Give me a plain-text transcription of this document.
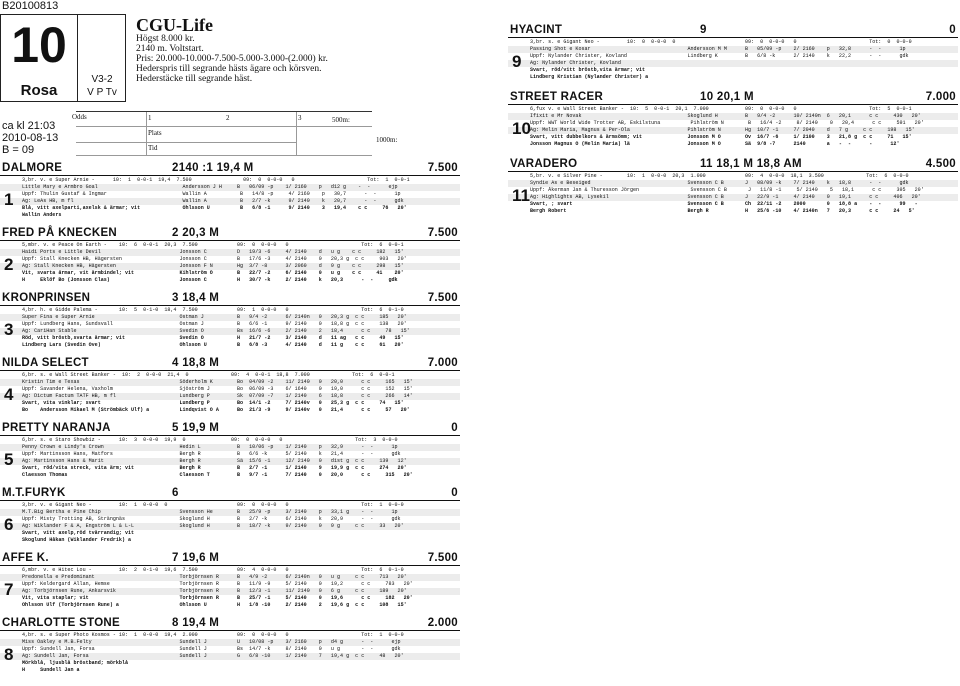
B20100813
10
Rosa
V3-2
V P Tv
CGU-Life
Högst 8.000 kr.
2140 m. Voltstart.
Pris: 20.000-10.000-7.500-5.000-3.000-(2.000) kr.
Hederspris till segrande hästs ägare och körsven.
Hederstäcke till segrande häst.
Odds	1	2	3
Plats
Tid
500m:
1000m:
ca kl 21:03
2010-08-13
B = 09
DALMORE	2140 :1 19,4 M	7.500
1
3,br. v. e Super Arnie -      10:  1  0-0-1  19,4  7.500                 09:  0  0-0-0   0                        Tot:  1  0-0-1
Little Mary e Armbro Goal                            Andersson J H     B   06/09 -p    1/ 2160    p   d12 g    -  -      ejp
Uppf: Thulin Gustaf & Ingmar                         Wallin A           B   14/8 -p     4/ 2160    p   30,7      -  -      1p
Äg: LeÄs HB, m fl                                    Wallin A           B   2/7 -k      9/ 2140    k   20,7      -  -      gdk
Blå, vitt axelparti,axelsk & ärmar; vit              Ohlsson U          B   6/8 -1      9/ 2140    3   19,4    c c     76   20'
Wallin Anders
FRED PÅ KNECKEN	2 20,3 M	7.500
2
5,mbr. v. e Peace On Earth -    10:  6  0-0-1  20,3  7.500             09:  0  0-0-0   0                        Tot:  6  0-0-1
Haidi Ports e Little Devil                          Jonsson C          D   19/3 -6     4/ 2140    d   u g    c c     182   15'
Uppf: Stall Knecken HB, Hägersten                   Jonsson C          B   17/6 -3     4/ 2140    0   20,3 g  c c     903   20'
Äg: Stall Knecken HB, Hägersten                     Jonsson F N        Hg  3/7 -8      3/ 2060    d   9 g    c c     298   15'
Vit, svarta ärmar, vit ärmbindel; vit               Kihlström Ö        B   22/7 -2     6/ 2140    0   u g    c c     41    20'
H     Eklöf Bo (Jonsson Clas)                       Jonsson C          H   30/7 -k     2/ 2140    k   20,3      -  -     gdk
KRONPRINSEN	3 18,4 M	7.500
3
4,br. h. e Gidde Palema -       10:  5  0-1-0  18,4  7.500             09:  1  0-0-0   0                        Tot:  6  0-1-0
Super Fina e Super Arnie                            Östman J           B   9/4 -2      6/ 2140n   0   20,3 g  c c     185   20'
Uppf: Lundberg Hans, Sundsvall                      Östman J           B   6/6 -1      9/ 2140    0   18,8 g  c c     138   20'
Äg: CariHan Stable                                  Svedin O           Bs  16/6 -6     2/ 2140    2   18,4      c c     78   15'
Röd, vitt bröstb,svarta ärmar; vit                  Svedin O           H   21/7 -2     3/ 2140    d   11 ag   c c     49   15'
Lindberg Lars (Svedin Ove)                          Ohlsson U          B   6/8 -3      4/ 2140    d   11 g    c c     61   20'
NILDA SELECT	4 18,8 M	7.000
4
6,br. s. e Wall Street Banker -  10:  2  0-0-0  21,4  0              09:  4  0-0-1  18,8  7.000              Tot:  6  0-0-1
Kristin Tim e Texas                                 Söderholm K        Bo  04/09 -2    11/ 2140   0   20,0      c c     165   15'
Uppf: Savander Helena, Vaxholm                      Sjöström J         Bo  06/09 -3    6/ 1640    0   19,0      c c     152   15'
Äg: Dictum Factum TATF HB, m fl                     Lundberg P         Sk  07/09 -7    1/ 2140    6   18,8      c c     266   14'
Svart, vita vinklar; svart                          Lundberg P         Bo  14/1 -2     7/ 2140v   0   25,3 g  c c     74   15'
Bo    Andersson Mikael M (Strömbäck Ulf) a          Lindqvist O A      Bo  21/3 -9     9/ 2140v   0   21,4      c c     57   20'
PRETTY NARANJA	5 19,9 M	0
5
6,br. s. e Staro Showbiz -      10:  3  0-0-0  19,9  0               09:  0  0-0-0   0                        Tot:  3  0-0-0
Penny Crown e Lindy's Crown                         Hedin L            B   10/06 -p    1/ 2140    p   32,9      -  -      1p
Uppf: Martinsson Hans, Matfors                      Bergh R            B   6/6 -k      5/ 2140    k   21,4      -  -      gdk
Äg: Martinsson Hans & Marit                         Bergh R            Sä  15/6 -1     12/ 2140   0   dist g  c c     139   12'
Svart, röd/vita streck, vita ärm; vit               Bergh R            B   2/7 -1      1/ 2140    9   19,9 g  c c     274   20'
Claesson Thomas                                     Claesson T         B   9/7 -1      7/ 2140    0   20,0      c c     315   20'
M.T.FURYK	6	0
6
3,br. v. e Gigant Neo -         10:  1  0-0-0  0                       09:  0  0-0-0   0                        Tot:  1  0-0-0
M.T.Big Bertha e Pine Chip                          Svensson He        B   25/9 -p     3/ 2140    p   33,1 g    -  -      1p
Uppf: Misty Trotting AB, Strängnäs                  Skoglund H         B   2/7 -k      6/ 2140    k   20,9      -  -      gdk
Äg: Wiklander F & A, Engström L & L-L               Skoglund H         B   18/7 -k     9/ 2140    0   9 g     c c     33   20'
Svart, vitt axelp,röd tvärrandig; vit
Skoglund Håkan (Wiklander Fredrik) a
AFFE K.	7 19,6 M	7.500
7
6,mbr. v. e Hitec Lou -         10:  2  0-1-0  19,6  7.500             09:  4  0-0-0   0                        Tot:  6  0-1-0
Predonella e Predominant                            Torbjörnsen R      B   4/9 -2      6/ 2140n   0   u g     c c     713   20'
Uppf: Keldergard Allan, Hemse                       Torbjörnsen R      B   11/9 -9     5/ 2140    0   19,2      c c     783   20'
Äg: Torbjörnsen Rune, Ankarsvik                     Torbjörnsen R      B   12/3 -1     11/ 2140   0   6 g     c c     189   20'
Vit, vita staplar; vit                              Torbjörnsen R      B   25/7 -1     5/ 2140    0   19,6      c c     182   20'
Ohlsson Ulf (Torbjörnsen Rune) a                    Ohlsson U          H   1/8 -10     2/ 2140    2   19,6 g  c c     108   15'
CHARLOTTE STONE	8 19,4 M	2.000
8
4,br. s. e Super Photo Kosmos - 10:  1  0-0-0  19,4  2.000             09:  0  0-0-0   0                        Tot:  1  0-0-0
Miss Oakley e M.B.Felty                             Sundell J          U   10/08 -p    3/ 2160    p   d4 g      -  -      ejp
Uppf: Sundell Jan, Forsa                            Sundell J          Bs  14/7 -k     8/ 2140    0   u g       -  -      gdk
Äg: Sundell Jan, Forsa                              Sundell J          G   6/8 -10     1/ 2140    7   19,4 g  c c     48   20'
Mörkblå, ljusblå bröstband; mörkblå
H     Sundell Jan a
HYACINT	9	0
9
3,br. s. e Gigant Neo -         10:  0  0-0-0  0                       09:  0  0-0-0   0                        Tot:  0  0-0-0
Passing Shot e Kosar                                Andersson M M      B   05/09 -p    2/ 2160    p   32,8      -  -      1p
Uppf: Nylander Christer, Kovland                    Lindberg K         B   6/8 -k      2/ 2140    k   22,2      -  -      gdk
Äg: Nylander Christer, Kovland
Svart, röd/vitt bröstb,vita ärmar; vit
Lindberg Kristian (Nylander Christer) a
STREET RACER	10 20,1 M	7.000
10
6,fux v. e Wall Street Banker -  10:  5  0-0-1  20,1  7.000            09:  0  0-0-0   0                        Tot:  5  0-0-1
Ifixit e Mr Novak                                   Skoglund H         B   9/4 -2      10/ 2140n  6   20,1      c c     430   20'
Uppf: WWT World Wide Trotter AB, Eskilstuna          Pihlström N        B   16/4 -2     8/ 2140    0   20,4      c c     591   20'
Äg: Melin Maria, Magnus & Per-Ola                   Pihlström N        Hg  10/7 -1     7/ 2040    d   7 g     c c     198   15'
Svart, vitt dubbelkors & ärmsömm; vit               Jonsson M O        Ov  16/7 -6     1/ 2100    3   21,8 g  c c     71   15'
Jonsson Magnus O (Melin Maria) lä                   Jonsson M O        Sä  9/8 -7      2140       a   -  -      -      12'
VARADERO	11 18,1 M 18,8 AM	4.500
11
5,br. v. e Silver Pine -        10:  1  0-0-0  20,3  1.000             09:  4  0-0-0  18,1  3.500              Tot:  6  0-0-0
Syndie Äs e Beseiged                                Svensson C B       J   08/09 -k    7/ 2140    k   18,8      -  -      gdk
Uppf: Åkerman Jan & Thuresson Jörgen                 Svensson C B       J   11/8 -1     5/ 2140    5   18,1      c c     395   20'
Äg: Highlights AB, Lysekil                          Svensson C B       J   22/9 -1     4/ 2140    0   19,1      c c     406   20'
Svart, ; svart                                      Svensson C B       Ch  22/11 -2    2000       0   18,8 a    -  -      99   -
Bergh Robert                                        Bergh R            H   25/6 -10    4/ 2140n   7   20,3      c c     24   5'
